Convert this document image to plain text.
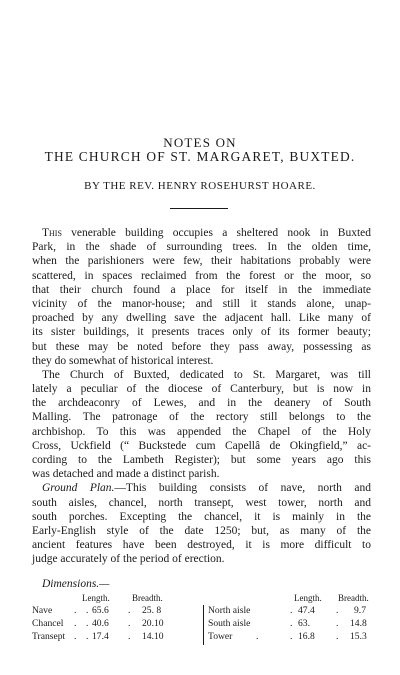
NOTES ON
THE CHURCH OF ST. MARGARET, BUXTED.
BY THE REV. HENRY ROSEHURST HOARE.
This venerable building occupies a sheltered nook in Buxted
Park, in the shade of surrounding trees. In the olden time,
when the parishioners were few, their habitations probably were
scattered, in spaces reclaimed from the forest or the moor, so
that their church found a place for itself in the immediate
vicinity of the manor-house; and still it stands alone, unap-
proached by any dwelling save the adjacent hall. Like many of
its sister buildings, it presents traces only of its former beauty;
but these may be noted before they pass away, possessing as
they do somewhat of historical interest.
The Church of Buxted, dedicated to St. Margaret, was till
lately a peculiar of the diocese of Canterbury, but is now in
the archdeaconry of Lewes, and in the deanery of South
Malling. The patronage of the rectory still belongs to the
archbishop. To this was appended the Chapel of the Holy
Cross, Uckfield (“ Buckstede cum Capellâ de Okingfield,” ac-
cording to the Lambeth Register); but some years ago this
was detached and made a distinct parish.
Ground Plan.—This building consists of nave, north and
south aisles, chancel, north transept, west tower, north and
south porches. Excepting the chancel, it is mainly in the
Early-English style of the date 1250; but, as many of the
ancient features have been destroyed, it is more difficult to
judge accurately of the period of erection.
Dimensions.—
Length. Breadth.	Length. Breadth.
Nave .    . 65.6 . 25. 8	North aisle	. 47.4 . 9.7
Chancel .    . 40.6 . 20.10	South aisle	. 63.	. 14.8
Transept .    . 17.4 . 14.10	Tower .	. 16.8 . 15.3
